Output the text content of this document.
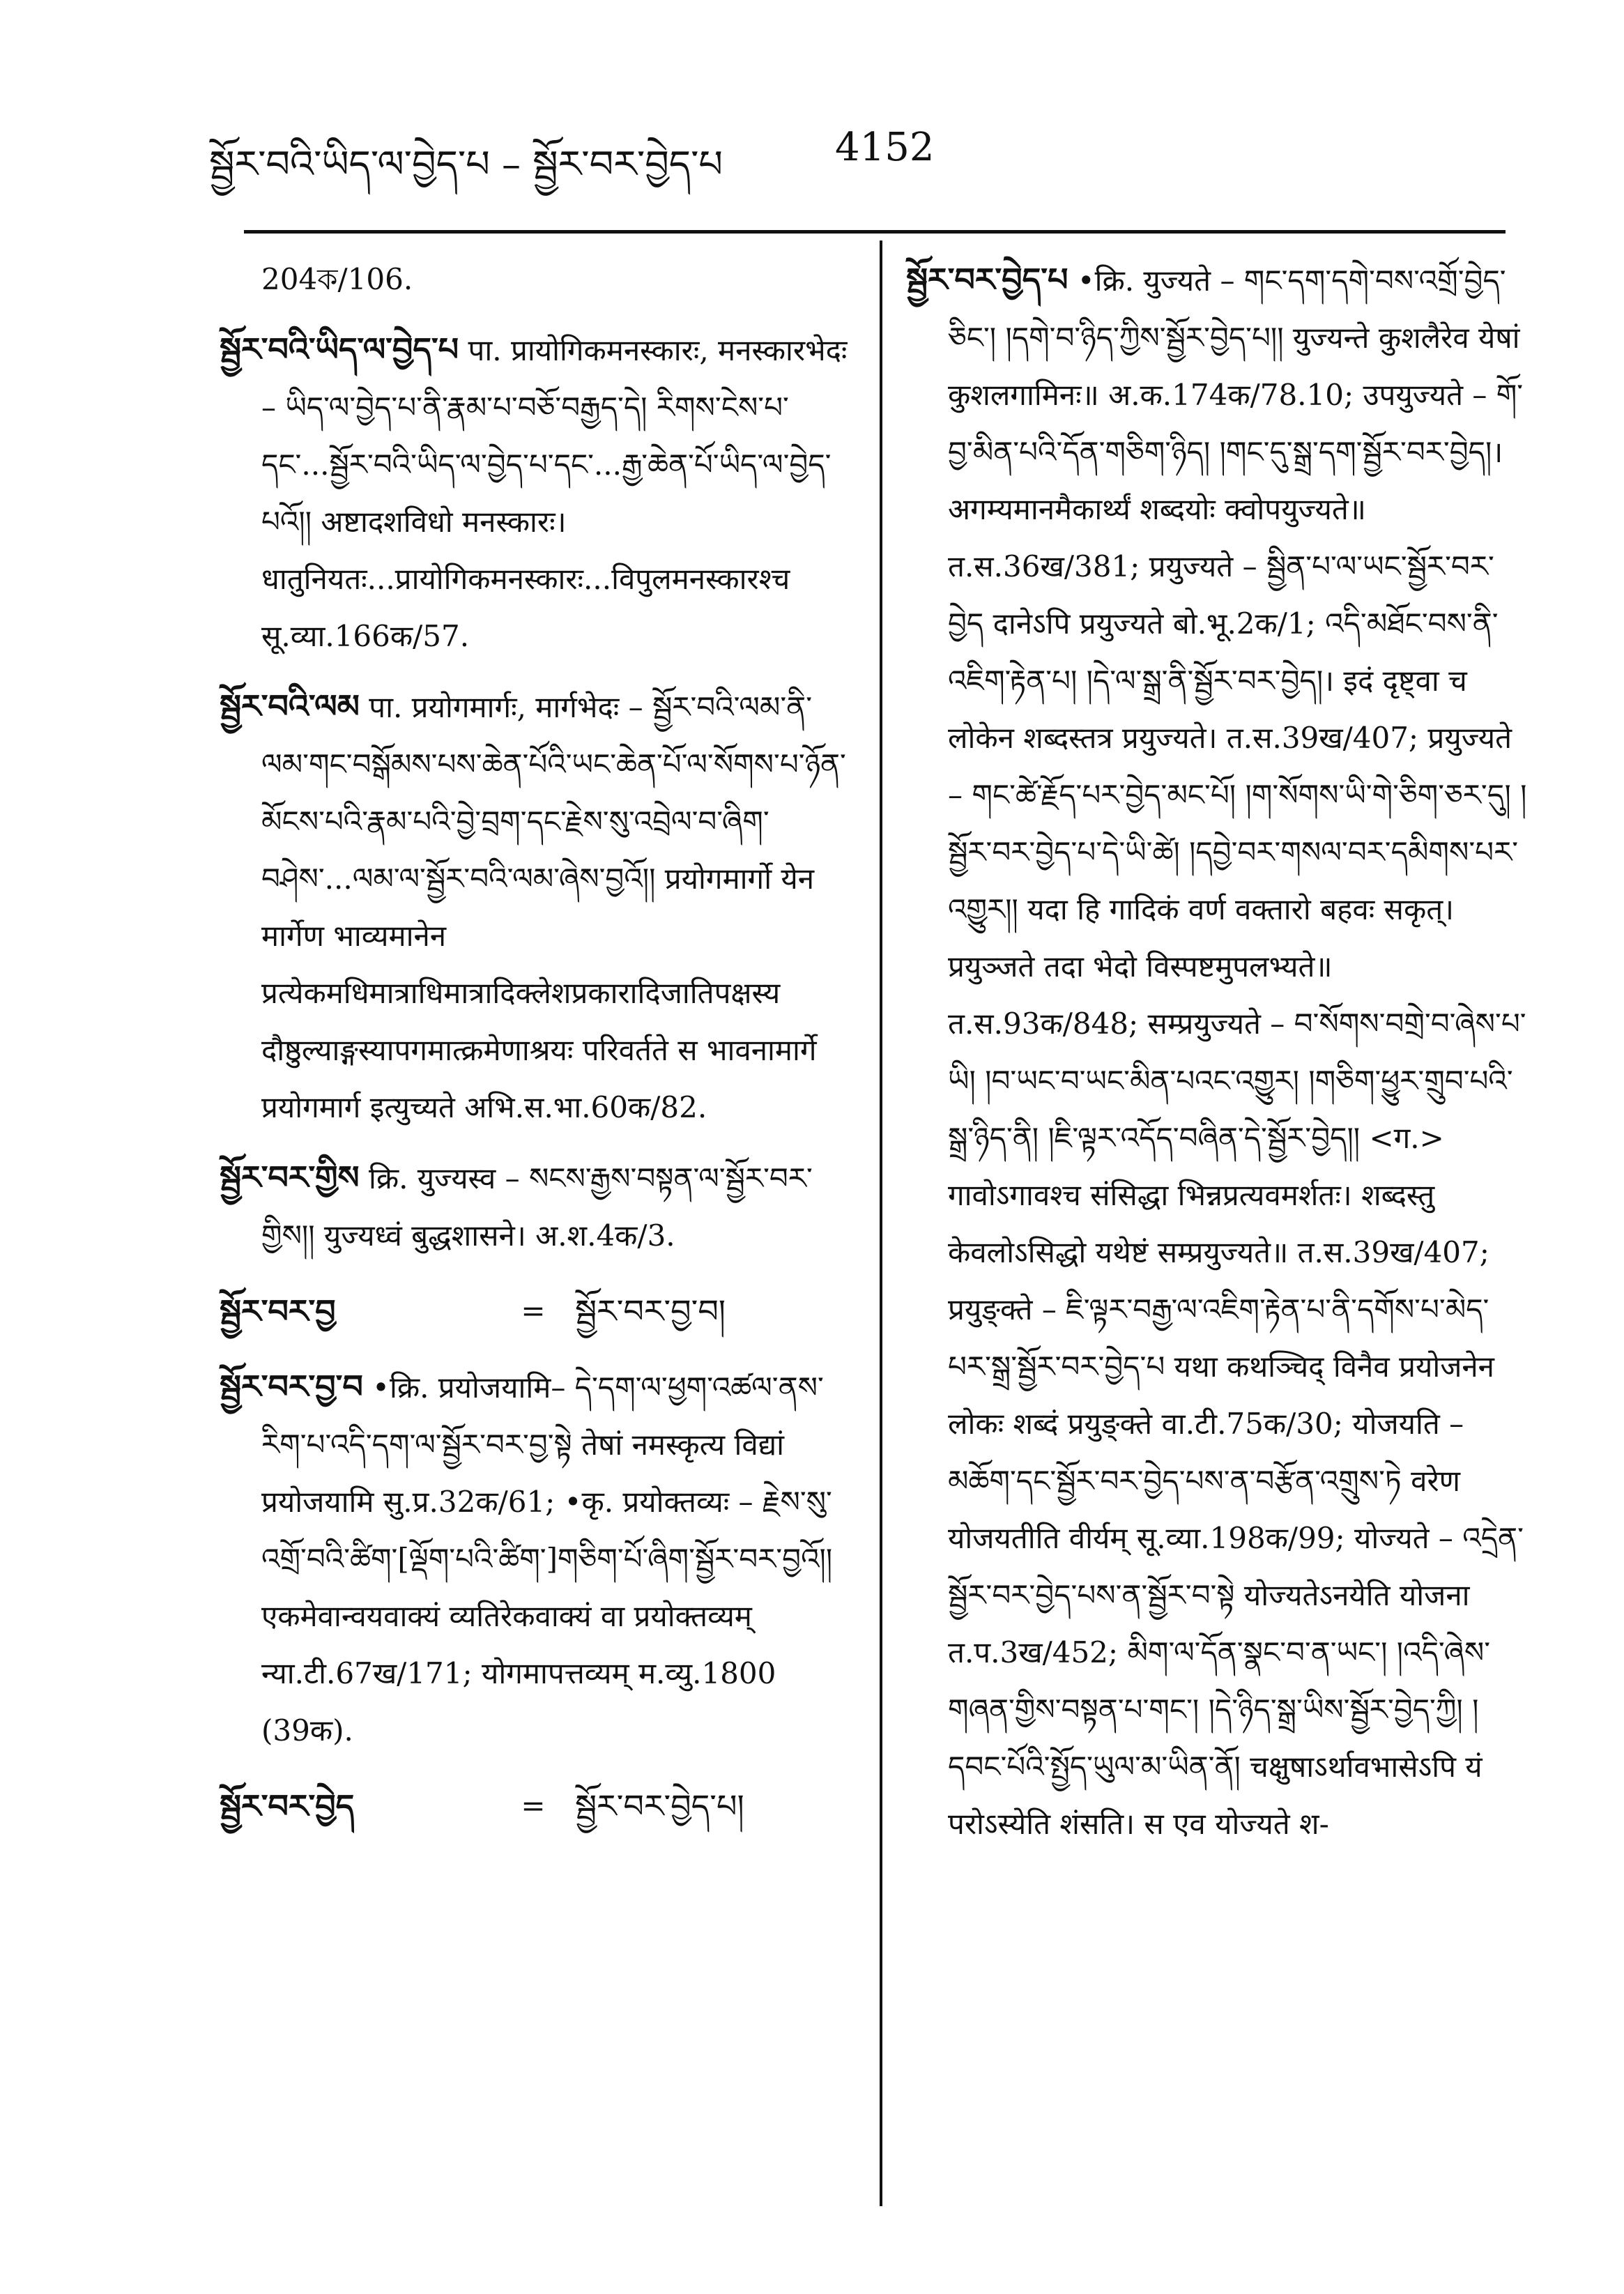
སྦྱོར་བའི་ཡིད་ལ་བྱེད་པ – སྦྱོར་བར་བྱེད་པ	4152
204ক/106.
སྦྱོར་བའི་ཡིད་ལ་བྱེད་པ पा. प्रायोगिकमनस्कारः, मनस्कारभेदः – ཡིད་ལ་བྱེད་པ་ནི་རྣམ་པ་བཅོ་བརྒྱད་དེ། རིགས་ངེས་པ་དང་...སྦྱོར་བའི་ཡིད་ལ་བྱེད་པ་དང་...རྒྱ་ཆེན་པོ་ཡིད་ལ་བྱེད་པའོ།། अष्टादशविधो मनस्कारः। धातुनियतः...प्रायोगिकमनस्कारः...विपुलमनस्कारश्च सू.व्या.166क/57.
སྦྱོར་བའི་ལམ पा. प्रयोगमार्गः, मार्गभेदः – སྦྱོར་བའི་ལམ་ནི་ལམ་གང་བསྒོམས་པས་ཆེན་པོའི་ཡང་ཆེན་པོ་ལ་སོགས་པ་ཉོན་མོངས་པའི་རྣམ་པའི་བྱེ་བྲག་དང་རྗེས་སུ་འབྲེལ་བ་ཞིག་བཤེས་...ལམ་ལ་སྦྱོར་བའི་ལམ་ཞེས་བྱའོ།། प्रयोगमार्गो येन मार्गेण भाव्यमानेन प्रत्येकमधिमात्राधिमात्रादिक्लेशप्रकारादिजातिपक्षस्य दौष्ठुल्याङ्गस्यापगमात्क्रमेणाश्रयः परिवर्तते स भावनामार्गे प्रयोगमार्ग इत्युच्यते अभि.स.भा.60क/82.
སྦྱོར་བར་གྱིས क्रि. युज्यस्व – སངས་རྒྱས་བསྟན་ལ་སྦྱོར་བར་གྱིས།། युज्यध्वं बुद्धशासने। अ.श.4क/3.
སྦྱོར་བར་བྱ	= སྦྱོར་བར་བྱ་བ།
སྦྱོར་བར་བྱ་བ •क्रि. प्रयोजयामि– དེ་དག་ལ་ཕྱག་འཚལ་ནས་རིག་པ་འདི་དག་ལ་སྦྱོར་བར་བྱ་སྟེ तेषां नमस्कृत्य विद्यां प्रयोजयामि सु.प्र.32क/61; •कृ. प्रयोक्तव्यः – རྗེས་སུ་འགྲོ་བའི་ཚིག་[ལྡོག་པའི་ཚིག་]གཅིག་པོ་ཞིག་སྦྱོར་བར་བྱའོ།། एकमेवान्वयवाक्यं व्यतिरेकवाक्यं वा प्रयोक्तव्यम् न्या.टी.67ख/171; योगमापत्तव्यम् म.व्यु.1800 (39क).
སྦྱོར་བར་བྱེད	= སྦྱོར་བར་བྱེད་པ།
སྦྱོར་བར་བྱེད་པ •क्रि. युज्यते – གང་དག་དགེ་བས་འགྲོ་བྱེད་ཅིང་། །དགེ་བ་ཉིད་ཀྱིས་སྦྱོར་བྱེད་པ།། युज्यन्ते कुशलैरेव येषां कुशलगामिनः॥ अ.क.174क/78.10; उपयुज्यते – གོ་བྱ་མིན་པའི་དོན་གཅིག་ཉིད། །གང་དུ་སྒྲ་དག་སྦྱོར་བར་བྱེད།। अगम्यमानमैकार्थ्यं शब्दयोः क्वोपयुज्यते॥ त.स.36ख/381; प्रयुज्यते – སྦྱིན་པ་ལ་ཡང་སྦྱོར་བར་བྱེད दानेऽपि प्रयुज्यते बो.भू.2क/1; འདི་མཐོང་བས་ནི་འཇིག་རྟེན་པ། །དེ་ལ་སྒྲ་ནི་སྦྱོར་བར་བྱེད།। इदं दृष्ट्वा च लोकेन शब्दस्तत्र प्रयुज्यते। त.स.39ख/407; प्रयुज्यते – གང་ཚེ་རྗོད་པར་བྱེད་མང་པོ། །ག་སོགས་ཡི་གེ་ཅིག་ཅར་དུ། །སྦྱོར་བར་བྱེད་པ་དེ་ཡི་ཚེ། །དབྱེ་བར་གསལ་བར་དམིགས་པར་འགྱུར།། यदा हि गादिकं वर्ण वक्तारो बहवः सकृत्। प्रयुञ्जते तदा भेदो विस्पष्टमुपलभ्यते॥ त.स.93क/848; सम्प्रयुज्यते – བ་སོགས་བགྲེ་བ་ཞེས་པ་ཡི། །བ་ཡང་བ་ཡང་མིན་པའང་འགྱུར། །གཅིག་ཕྱུར་གྲུབ་པའི་སྒྲ་ཉིད་ནི། །ཇི་ལྟར་འདོད་བཞིན་དེ་སྦྱོར་བྱེད།། <ग.> गावोऽगावश्च संसिद्धा भिन्नप्रत्यवमर्शतः। शब्दस्तु केवलोऽसिद्धो यथेष्टं सम्प्रयुज्यते॥ त.स.39ख/407; प्रयुङ्क्ते – ཇི་ལྟར་བརྒྱ་ལ་འཇིག་རྟེན་པ་ནི་དགོས་པ་མེད་པར་སྒྲ་སྦྱོར་བར་བྱེད་པ यथा कथञ्चिद् विनैव प्रयोजनेन लोकः शब्दं प्रयुङ्क्ते वा.टी.75क/30; योजयति – མཆོག་དང་སྦྱོར་བར་བྱེད་པས་ན་བརྩོན་འགྲུས་ཏེ वरेण योजयतीति वीर्यम् सू.व्या.198क/99; योज्यते – འདྲེན་སྦྱོར་བར་བྱེད་པས་ན་སྦྱོར་བ་སྟེ योज्यतेऽनयेति योजना त.प.3ख/452; མིག་ལ་དོན་སྣང་བ་ན་ཡང་། །འདི་ཞེས་གཞན་གྱིས་བསྟན་པ་གང་། །དེ་ཉིད་སྒྲ་ཡིས་སྦྱོར་བྱེད་ཀྱི། །དབང་པོའི་སྤྱོད་ཡུལ་མ་ཡིན་ནོ། चक्षुषाऽर्थावभासेऽपि यं परोऽस्येति शंसति। स एव योज्यते श-
